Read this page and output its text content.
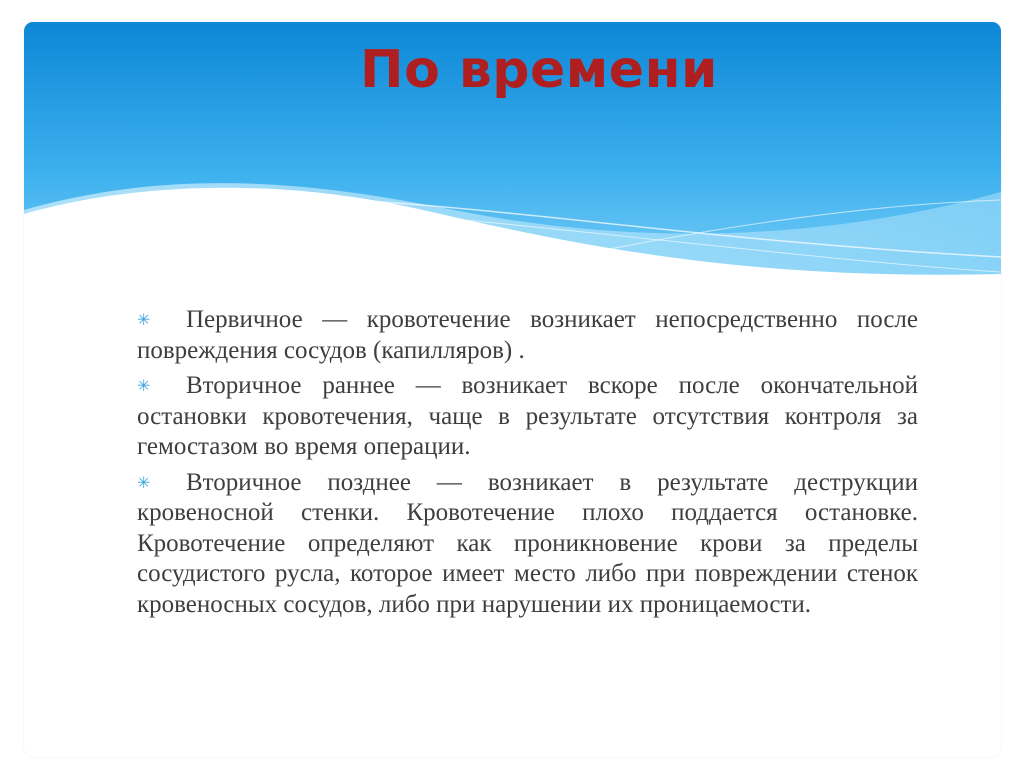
По времени
✳ Первичное — кровотечение возникает непосредственно после повреждения сосудов (капилляров) .
✳ Вторичное раннее — возникает вскоре после окончательной остановки кровотечения, чаще в результате отсутствия контроля за гемостазом во время операции.
✳ Вторичное позднее — возникает в результате деструкции кровеносной стенки. Кровотечение плохо поддается остановке. Кровотечение определяют как проникновение крови за пределы сосудистого русла, которое имеет место либо при повреждении стенок кровеносных сосудов, либо при нарушении их проницаемости.
